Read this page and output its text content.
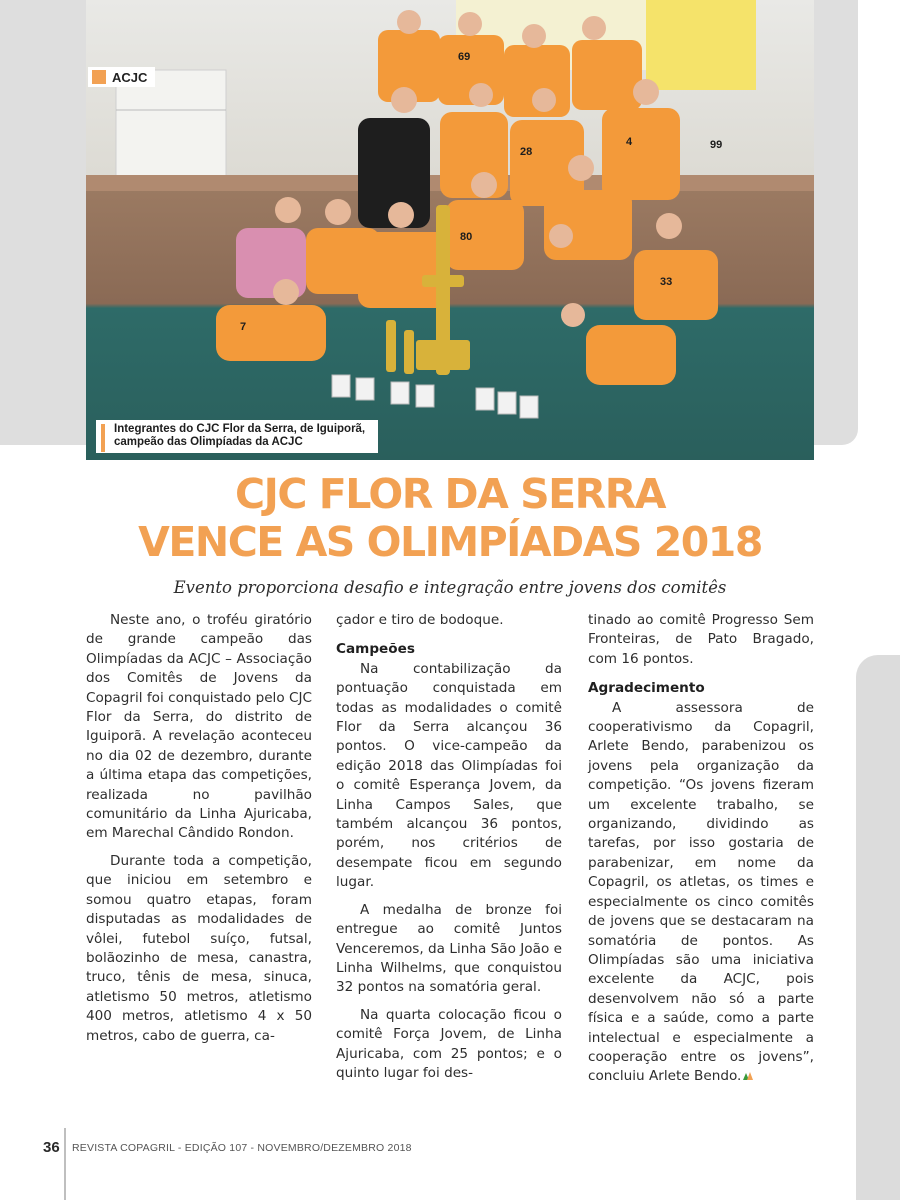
69
28
4	99
80
33
7
ACJC
Integrantes do CJC Flor da Serra, de Iguiporã,
campeão das Olimpíadas da ACJC
CJC FLOR DA SERRA
VENCE AS OLIMPÍADAS 2018
Evento proporciona desafio e integração entre jovens dos comitês

Neste ano, o troféu giratório de grande campeão das Olimpíadas da ACJC – Associação dos Comitês de Jovens da Copagril foi conquistado pelo CJC Flor da Serra, do distrito de Iguiporã. A revelação aconteceu no dia 02 de dezembro, durante a última etapa das competições, realizada no pavilhão comunitário da Linha Ajuricaba, em Marechal Cândido Rondon.

Durante toda a competição, que iniciou em setembro e somou quatro etapas, foram disputadas as modalidades de vôlei, futebol suíço, futsal, bolãozinho de mesa, canastra, truco, tênis de mesa, sinuca, atletismo 50 metros, atletismo 400 metros, atletismo 4 x 50 metros, cabo de guerra, ca-

çador e tiro de bodoque.

Campeões

Na contabilização da pontuação conquistada em todas as modalidades o comitê Flor da Serra alcançou 36 pontos. O vice-campeão da edição 2018 das Olimpíadas foi o comitê Esperança Jovem, da Linha Campos Sales, que também alcançou 36 pontos, porém, nos critérios de desempate ficou em segundo lugar.

A medalha de bronze foi entregue ao comitê Juntos Venceremos, da Linha São João e Linha Wilhelms, que conquistou 32 pontos na somatória geral.

Na quarta colocação ficou o comitê Força Jovem, de Linha Ajuricaba, com 25 pontos; e o quinto lugar foi des-

tinado ao comitê Progresso Sem Fronteiras, de Pato Bragado, com 16 pontos.

Agradecimento

A assessora de cooperativismo da Copagril, Arlete Bendo, parabenizou os jovens pela organização da competição. “Os jovens fizeram um excelente trabalho, se organizando, dividindo as tarefas, por isso gostaria de parabenizar, em nome da Copagril, os atletas, os times e especialmente os cinco comitês de jovens que se destacaram na somatória de pontos. As Olimpíadas são uma iniciativa excelente da ACJC, pois desenvolvem não só a parte física e a saúde, como a parte intelectual e especialmente a cooperação entre os jovens”, concluiu Arlete Bendo.

36 REVISTA COPAGRIL - EDIÇÃO 107 - NOVEMBRO/DEZEMBRO 2018
